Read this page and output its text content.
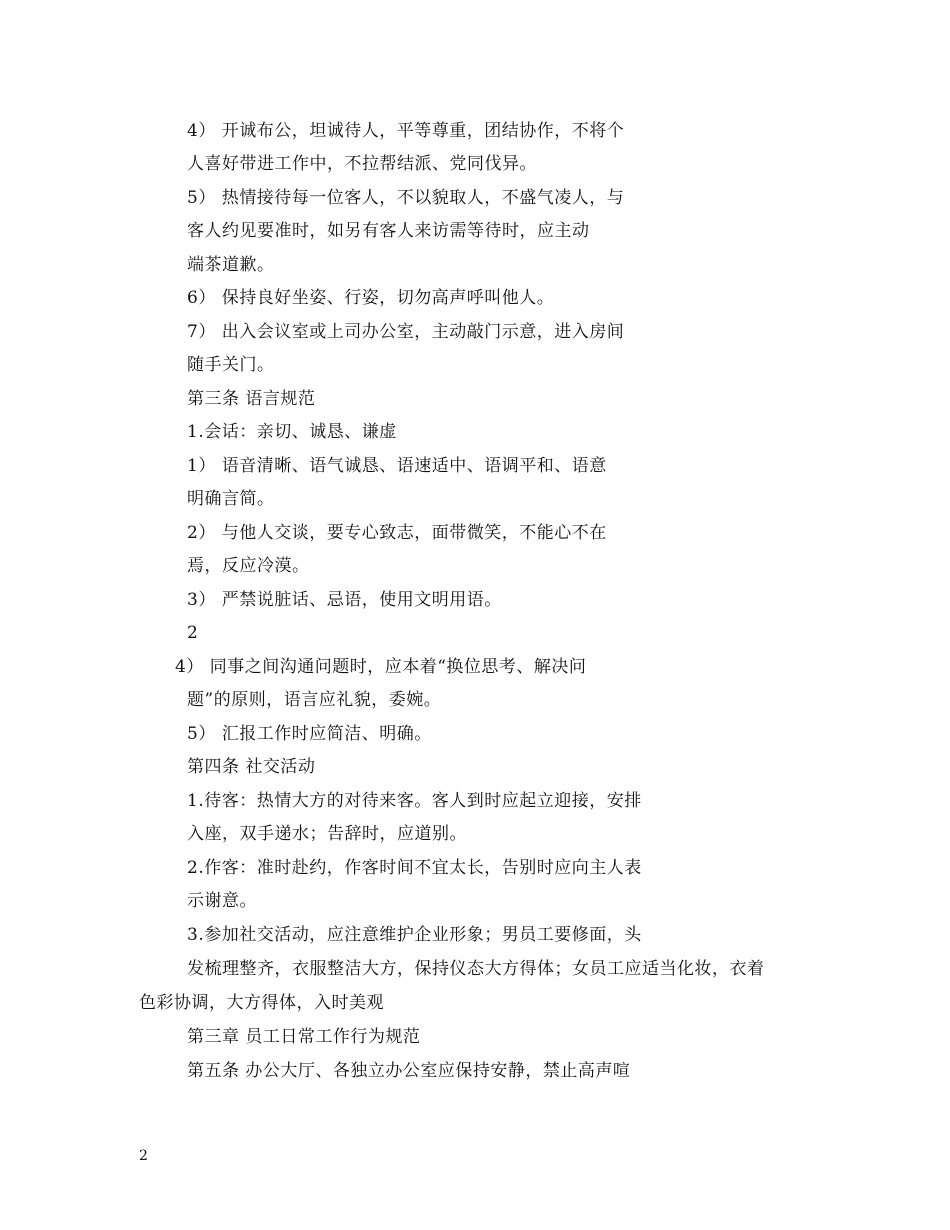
4） 开诚布公，坦诚待人，平等尊重，团结协作，不将个
人喜好带进工作中，不拉帮结派、党同伐异。
5） 热情接待每一位客人，不以貌取人，不盛气凌人，与
客人约见要准时，如另有客人来访需等待时，应主动
端茶道歉。
6） 保持良好坐姿、行姿，切勿高声呼叫他人。
7） 出入会议室或上司办公室，主动敲门示意，进入房间
随手关门。
第三条 语言规范
1.会话：亲切、诚恳、谦虚
1） 语音清晰、语气诚恳、语速适中、语调平和、语意
明确言简。
2） 与他人交谈，要专心致志，面带微笑，不能心不在
焉，反应冷漠。
3） 严禁说脏话、忌语，使用文明用语。
2
4） 同事之间沟通问题时，应本着“换位思考、解决问
题”的原则，语言应礼貌，委婉。
5） 汇报工作时应简洁、明确。
第四条 社交活动
1.待客：热情大方的对待来客。客人到时应起立迎接，安排
入座，双手递水；告辞时，应道别。
2.作客：准时赴约，作客时间不宜太长，告别时应向主人表
示谢意。
3.参加社交活动，应注意维护企业形象；男员工要修面，头
发梳理整齐，衣服整洁大方，保持仪态大方得体；女员工应适当化妆，衣着
色彩协调，大方得体，入时美观
第三章 员工日常工作行为规范
第五条 办公大厅、各独立办公室应保持安静，禁止高声喧
2
